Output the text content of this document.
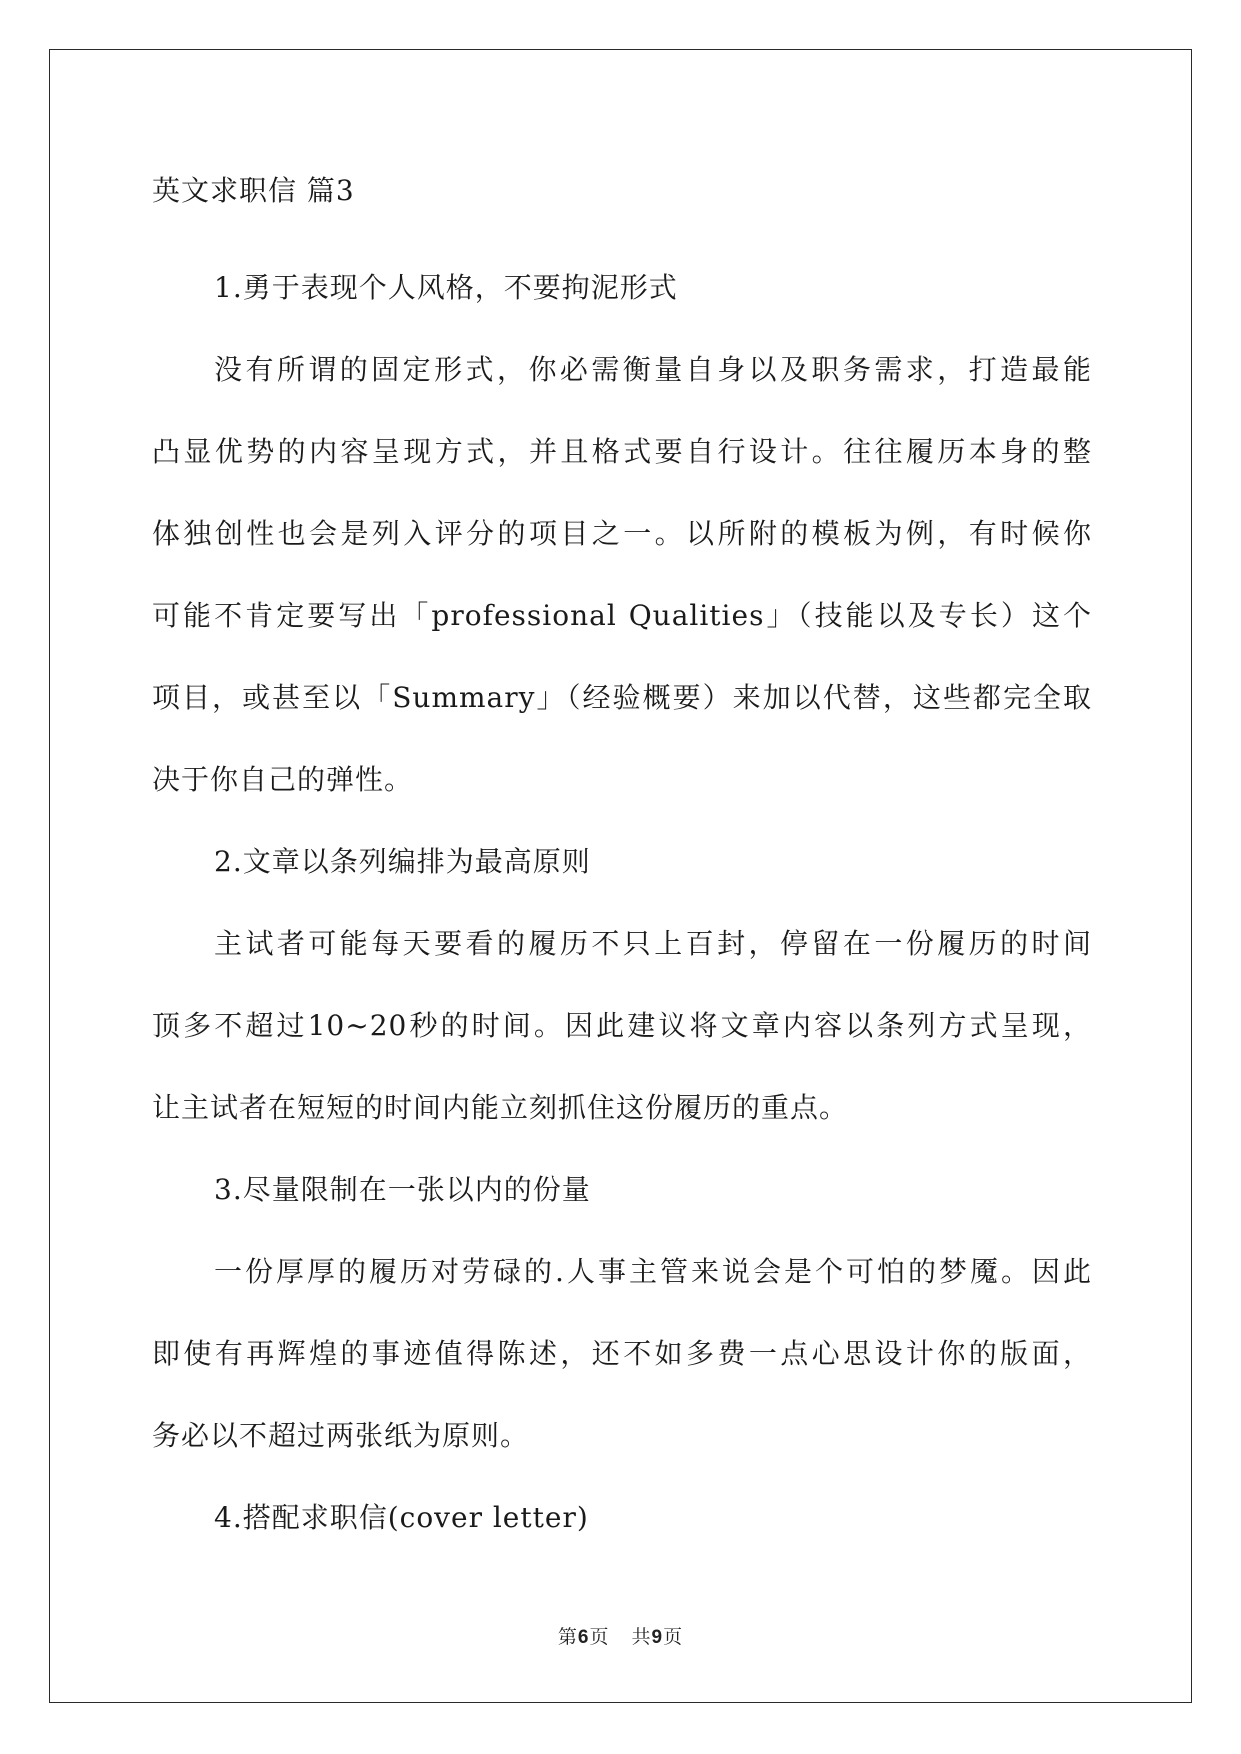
英文求职信 篇3
1.勇于表现个人风格，不要拘泥形式
没有所谓的固定形式，你必需衡量自身以及职务需求，打造最能
凸显优势的内容呈现方式，并且格式要自行设计。往往履历本身的整
体独创性也会是列入评分的项目之一。以所附的模板为例，有时候你
可能不肯定要写出「professional Qualities」（技能以及专长）这个
项目，或甚至以「Summary」（经验概要）来加以代替，这些都完全取
决于你自己的弹性。
2.文章以条列编排为最高原则
主试者可能每天要看的履历不只上百封，停留在一份履历的时间
顶多不超过10~20秒的时间。因此建议将文章内容以条列方式呈现，
让主试者在短短的时间内能立刻抓住这份履历的重点。
3.尽量限制在一张以内的份量
一份厚厚的履历对劳碌的.人事主管来说会是个可怕的梦魇。因此
即使有再辉煌的事迹值得陈述，还不如多费一点心思设计你的版面，
务必以不超过两张纸为原则。
4.搭配求职信(cover letter)
第6页 共9页
